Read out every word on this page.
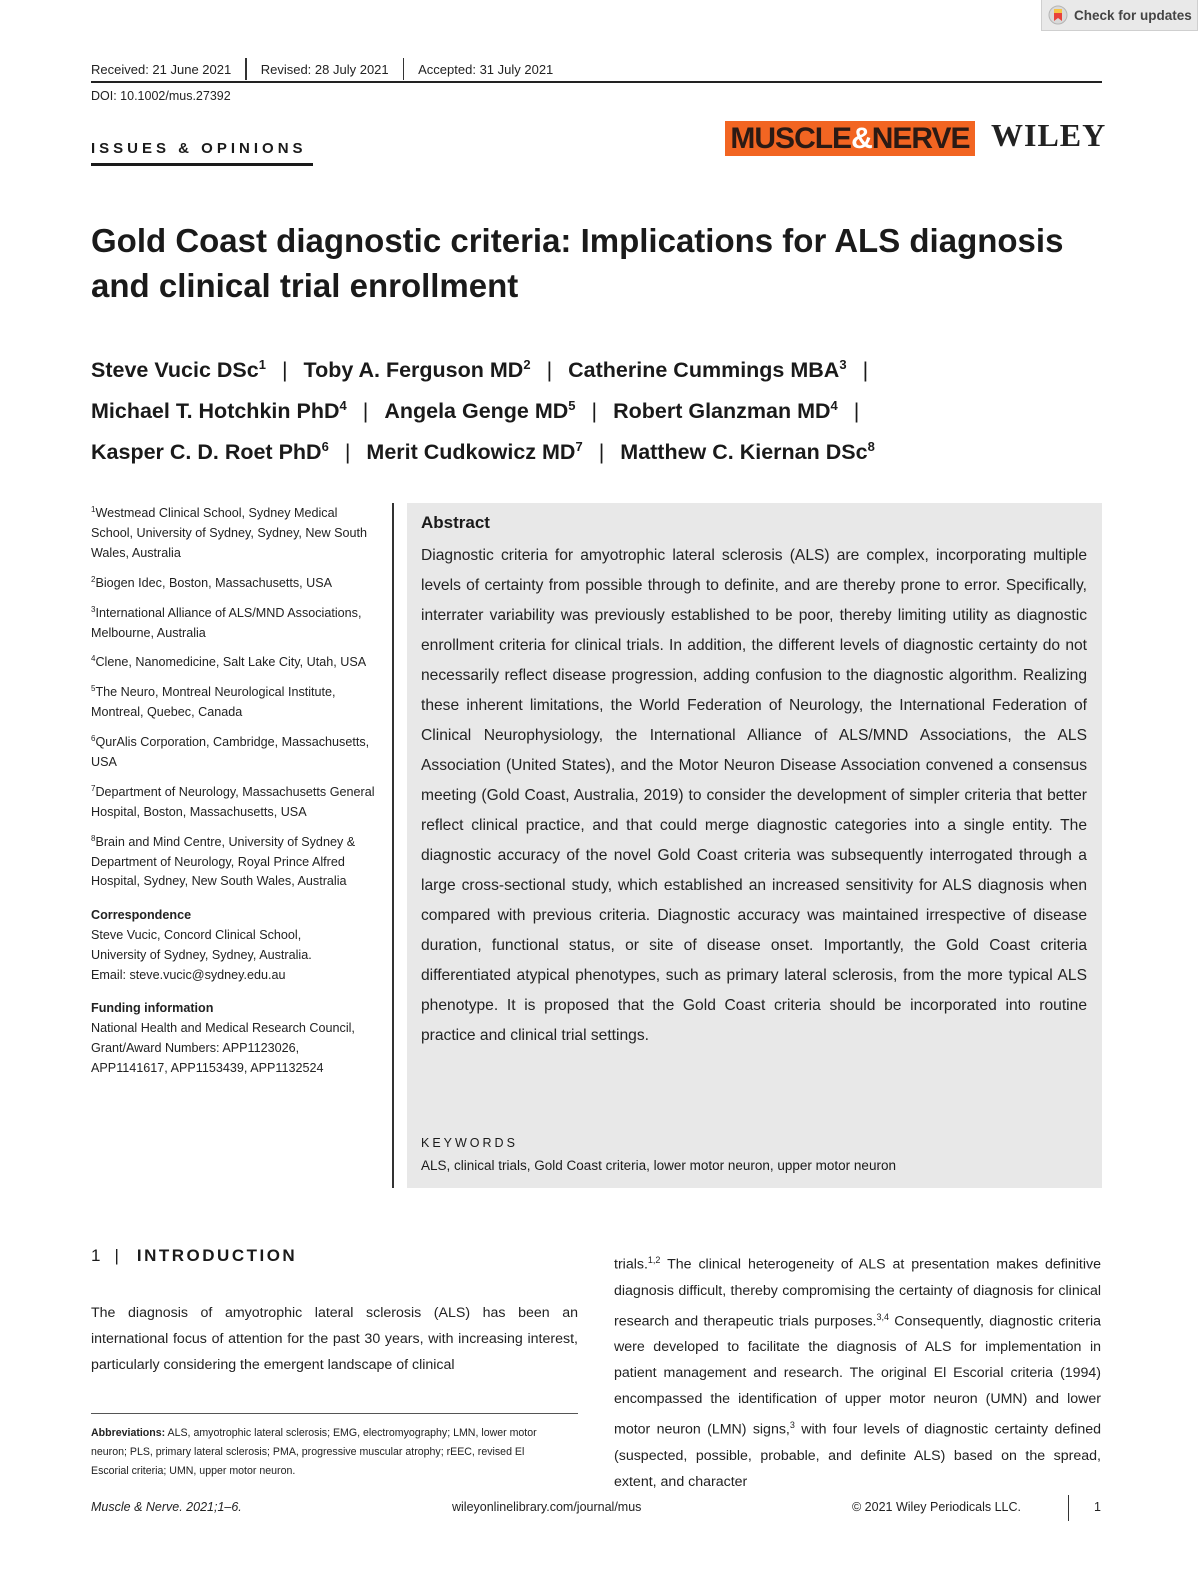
Check for updates
Received: 21 June 2021 Revised: 28 July 2021 Accepted: 31 July 2021
DOI: 10.1002/mus.27392
ISSUES & OPINIONS	MUSCLE & NERVE WILEY
Gold Coast diagnostic criteria: Implications for ALS diagnosis and clinical trial enrollment
Steve Vucic DSc$^1$ | Toby A. Ferguson $MD^2$ | Catherine Cummings MBA$^3$ |
Michael T. Hotchkin PhD$^4$ | Angela Genge $MD^5$ | Robert Glanzman $MD^4$ |
Kasper C. D. Roet PhD$^6$ | Merit Cudkowicz $MD^7$ | Matthew C. Kiernan DSc$^8$
$^1$Westmead Clinical School, Sydney Medical School, University of Sydney, Sydney, New South Wales, Australia
$^2$Biogen Idec, Boston, Massachusetts, USA
$^3$International Alliance of ALS/MND Associations, Melbourne, Australia
$^4$Clene, Nanomedicine, Salt Lake City, Utah, USA
$^5$The Neuro, Montreal Neurological Institute, Montreal, Quebec, Canada
$^6$QurAlis Corporation, Cambridge, Massachusetts, USA
$^7$Department of Neurology, Massachusetts General Hospital, Boston, Massachusetts, USA
$^8$Brain and Mind Centre, University of Sydney & Department of Neurology, Royal Prince Alfred Hospital, Sydney, New South Wales, Australia
Correspondence
Steve Vucic, Concord Clinical School,
University of Sydney, Sydney, Australia.
Email: steve.vucic@sydney.edu.au
Funding information
National Health and Medical Research Council,
Grant/Award Numbers: APP1123026,
APP1141617, APP1153439, APP1132524
Abstract
Diagnostic criteria for amyotrophic lateral sclerosis (ALS) are complex, incorporating multiple levels of certainty from possible through to definite, and are thereby prone to error. Specifically, interrater variability was previously established to be poor, thereby limiting utility as diagnostic enrollment criteria for clinical trials. In addition, the different levels of diagnostic certainty do not necessarily reflect disease progression, adding confusion to the diagnostic algorithm. Realizing these inherent limitations, the World Federation of Neurology, the International Federation of Clinical Neurophysiology, the International Alliance of ALS/MND Associations, the ALS Association (United States), and the Motor Neuron Disease Association convened a consensus meeting (Gold Coast, Australia, 2019) to consider the development of simpler criteria that better reflect clinical practice, and that could merge diagnostic categories into a single entity. The diagnostic accuracy of the novel Gold Coast criteria was subsequently interrogated through a large cross-sectional study, which established an increased sensitivity for ALS diagnosis when compared with previous criteria. Diagnostic accuracy was maintained irrespective of disease duration, functional status, or site of disease onset. Importantly, the Gold Coast criteria differentiated atypical phenotypes, such as primary lateral sclerosis, from the more typical ALS phenotype. It is proposed that the Gold Coast criteria should be incorporated into routine practice and clinical trial settings.
KEYWORDS
ALS, clinical trials, Gold Coast criteria, lower motor neuron, upper motor neuron
1 | INTRODUCTION
The diagnosis of amyotrophic lateral sclerosis (ALS) has been an international focus of attention for the past 30 years, with increasing interest, particularly considering the emergent landscape of clinical
trials.$^{1,2}$ The clinical heterogeneity of ALS at presentation makes definitive diagnosis difficult, thereby compromising the certainty of diagnosis for clinical research and therapeutic trials purposes.$^{3,4}$ Consequently, diagnostic criteria were developed to facilitate the diagnosis of ALS for implementation in patient management and research. The original El Escorial criteria (1994) encompassed the identification of upper motor neuron (UMN) and lower motor neuron (LMN) signs,$^3$ with four levels of diagnostic certainty defined (suspected, possible, probable, and definite ALS) based on the spread, extent, and character
Abbreviations: ALS, amyotrophic lateral sclerosis; EMG, electromyography; LMN, lower motor neuron; PLS, primary lateral sclerosis; PMA, progressive muscular atrophy; rEEC, revised El Escorial criteria; UMN, upper motor neuron.
Muscle & Nerve. 2021;1–6.	wileyonlinelibrary.com/journal/mus	© 2021 Wiley Periodicals LLC.	1
